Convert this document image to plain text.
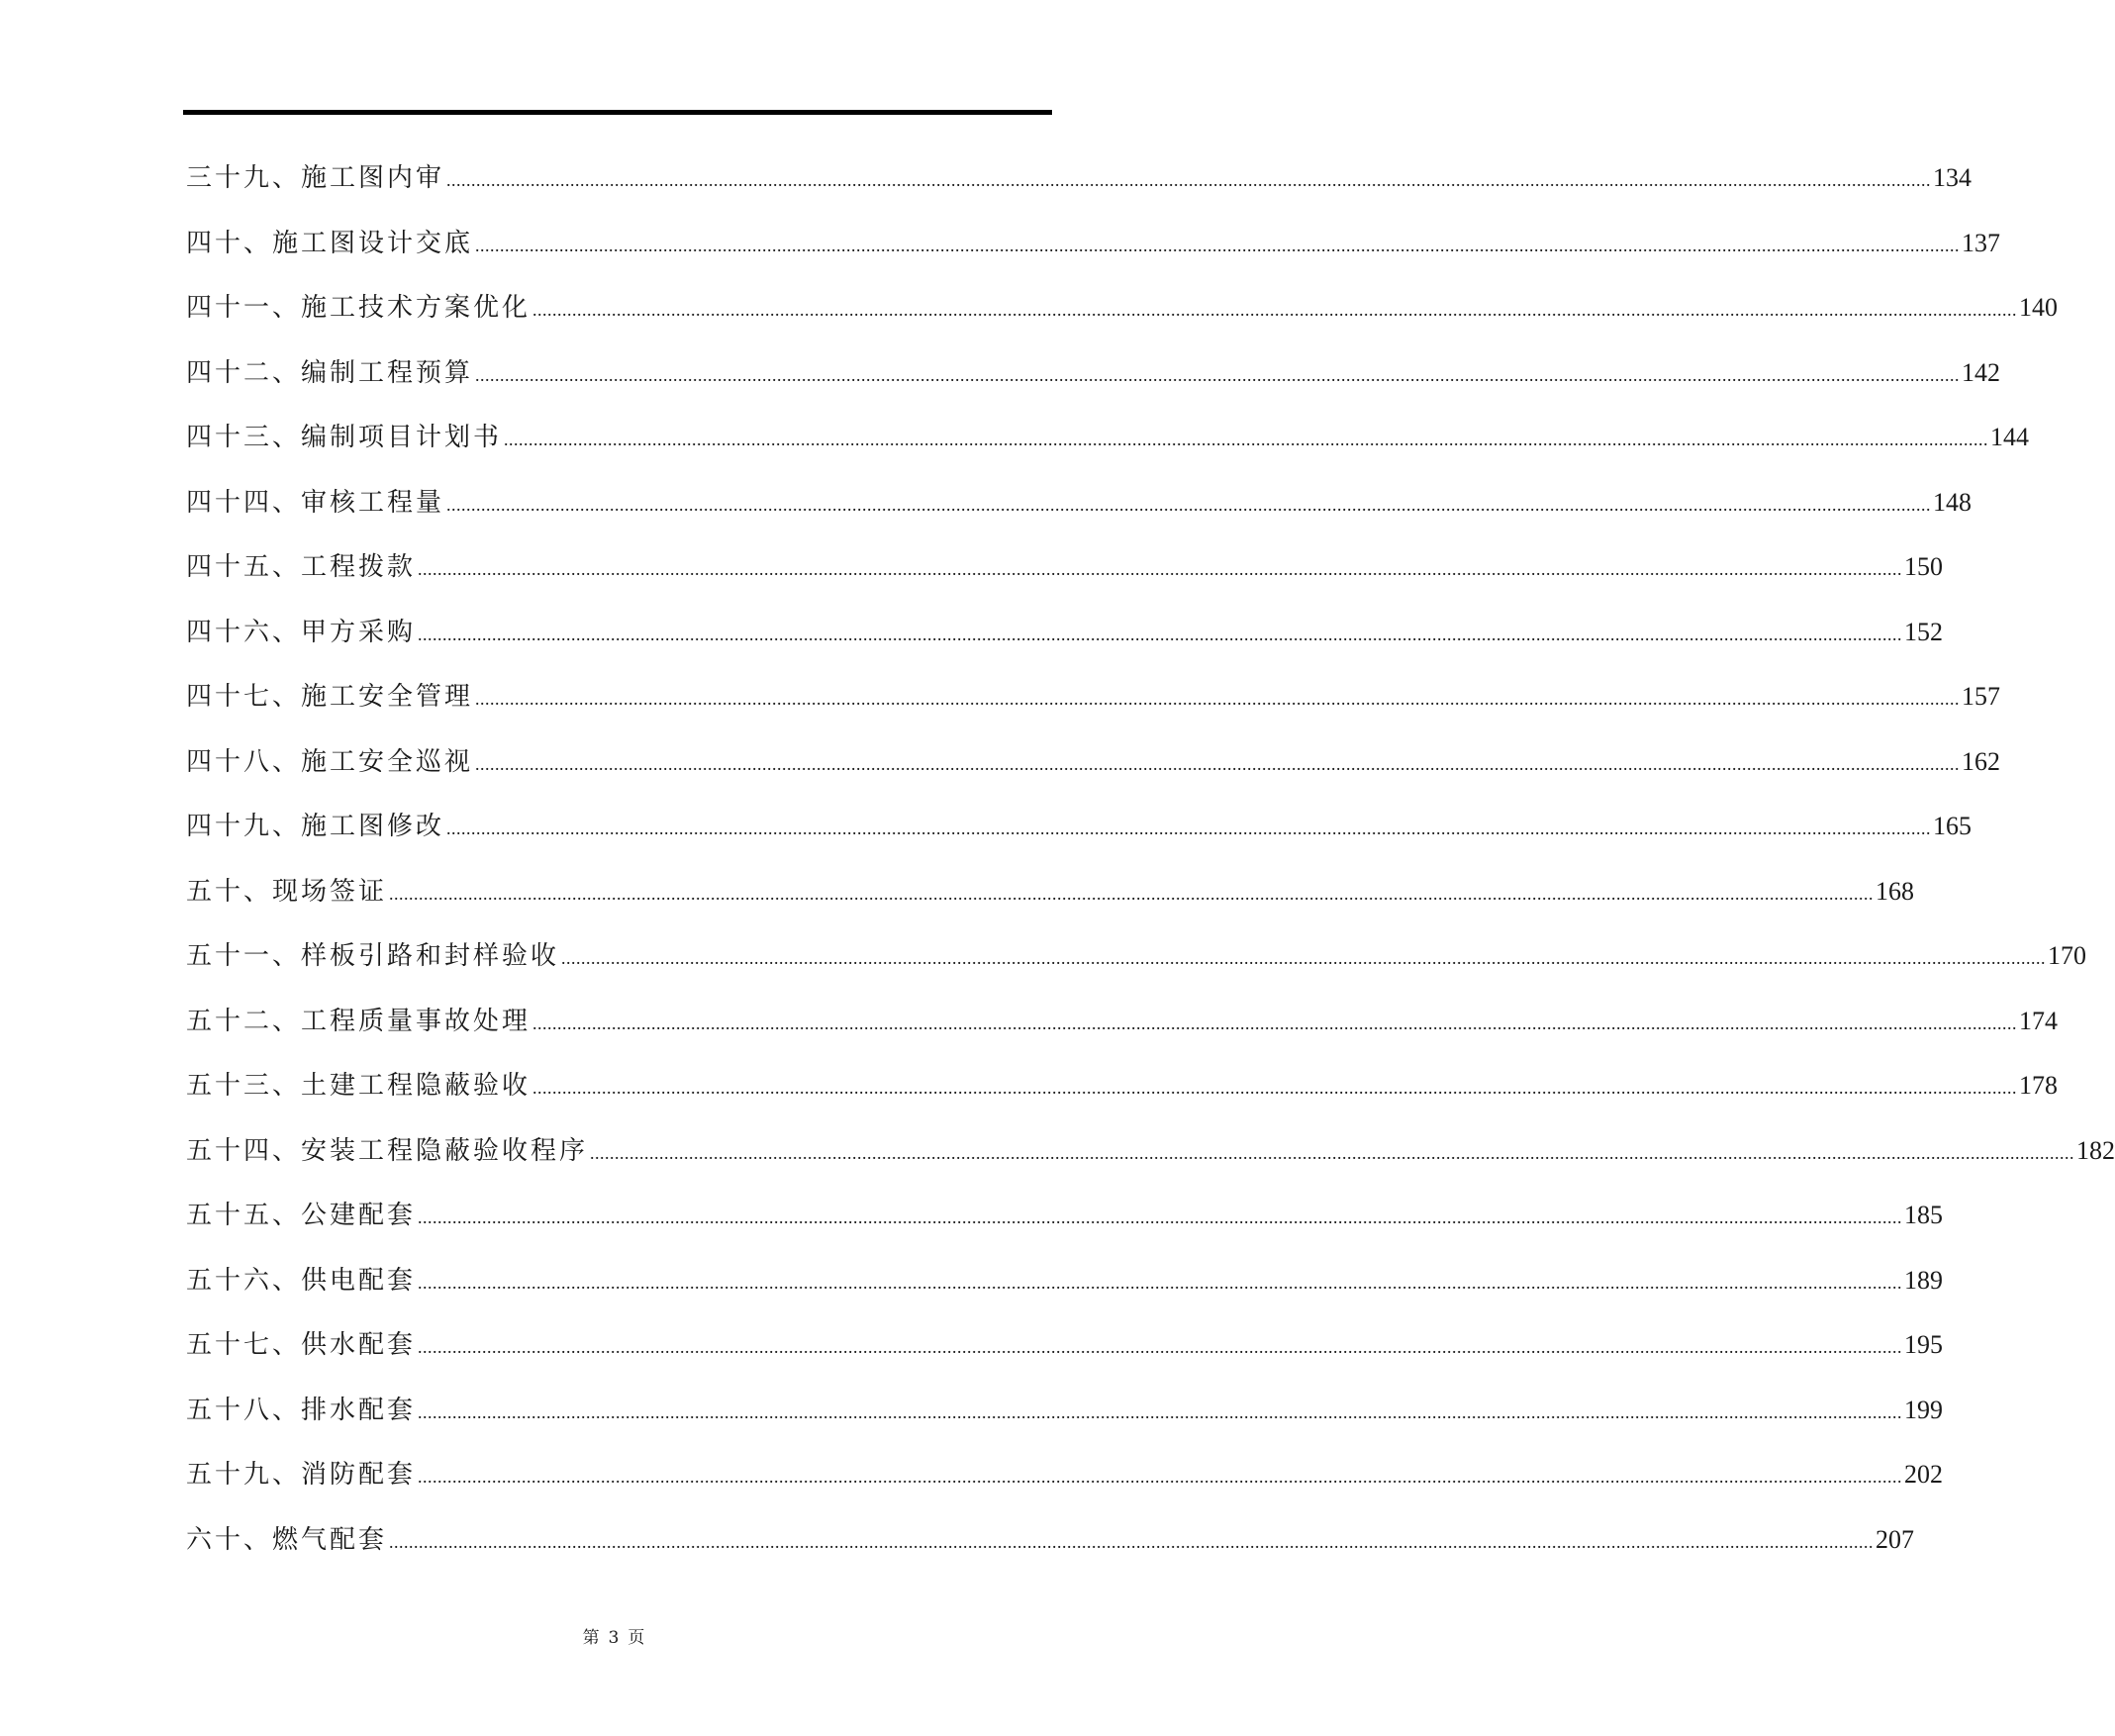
三十九、施工图内审 ............................................................................................................................................................................................................................................................................................................ 134
四十、施工图设计交底 ............................................................................................................................................................................................................................................................................................................ 137
四十一、施工技术方案优化 ............................................................................................................................................................................................................................................................................................................ 140
四十二、编制工程预算 ............................................................................................................................................................................................................................................................................................................ 142
四十三、编制项目计划书 ............................................................................................................................................................................................................................................................................................................ 144
四十四、审核工程量 ............................................................................................................................................................................................................................................................................................................ 148
四十五、工程拨款 ............................................................................................................................................................................................................................................................................................................ 150
四十六、甲方采购 ............................................................................................................................................................................................................................................................................................................ 152
四十七、施工安全管理 ............................................................................................................................................................................................................................................................................................................ 157
四十八、施工安全巡视 ............................................................................................................................................................................................................................................................................................................ 162
四十九、施工图修改 ............................................................................................................................................................................................................................................................................................................ 165
五十、现场签证 ............................................................................................................................................................................................................................................................................................................ 168
五十一、样板引路和封样验收 ............................................................................................................................................................................................................................................................................................................ 170
五十二、工程质量事故处理 ............................................................................................................................................................................................................................................................................................................ 174
五十三、土建工程隐蔽验收 ............................................................................................................................................................................................................................................................................................................ 178
五十四、安装工程隐蔽验收程序 ............................................................................................................................................................................................................................................................................................................ 182
五十五、公建配套 ............................................................................................................................................................................................................................................................................................................ 185
五十六、供电配套 ............................................................................................................................................................................................................................................................................................................ 189
五十七、供水配套 ............................................................................................................................................................................................................................................................................................................ 195
五十八、排水配套 ............................................................................................................................................................................................................................................................................................................ 199
五十九、消防配套 ............................................................................................................................................................................................................................................................................................................ 202
六十、燃气配套 ............................................................................................................................................................................................................................................................................................................ 207
第 3 页
